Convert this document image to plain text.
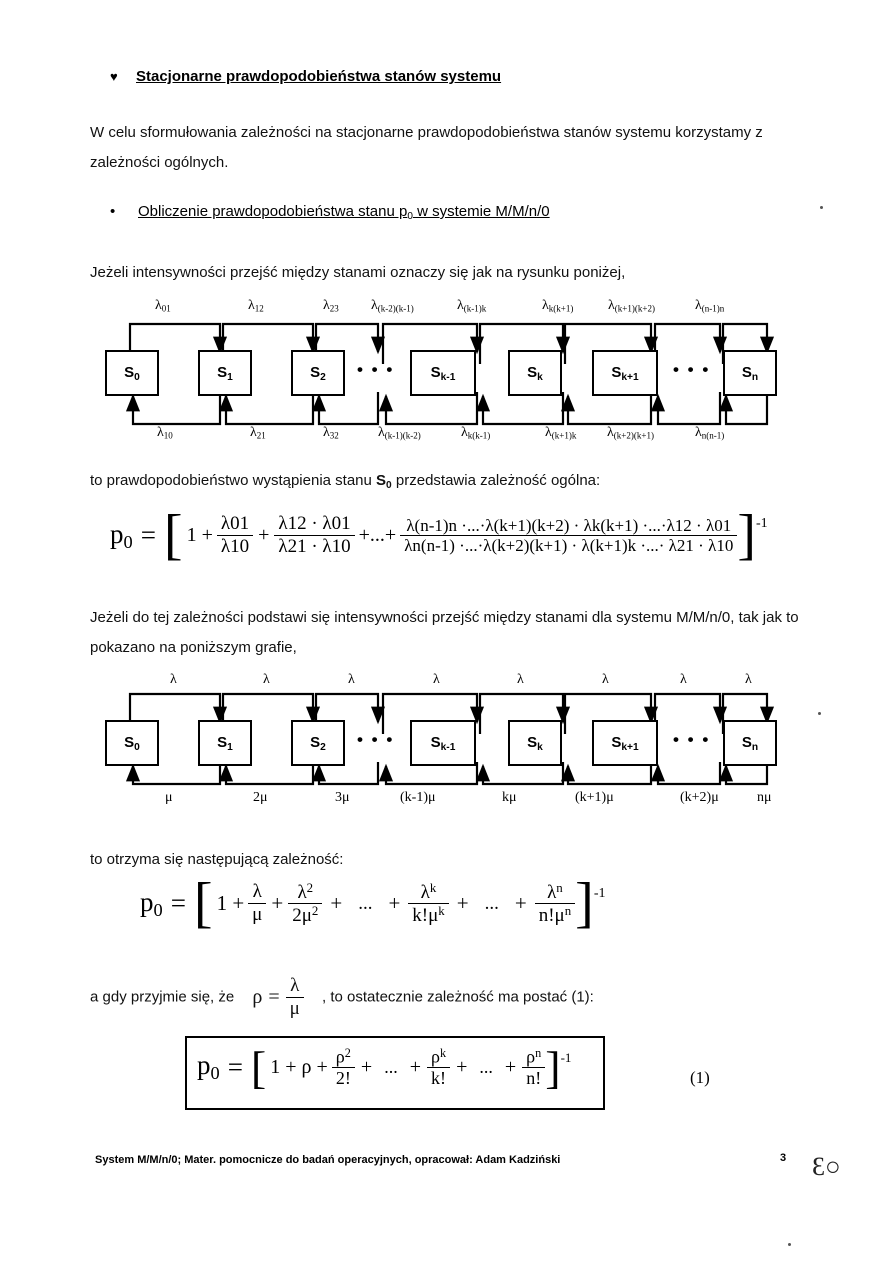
♥ Stacjonarne prawdopodobieństwa stanów systemu
W celu sformułowania zależności na stacjonarne prawdopodobieństwa stanów systemu korzystamy z zależności ogólnych.
• Obliczenie prawdopodobieństwa stanu $p_0$ w systemie M/M/n/0
Jeżeli intensywności przejść między stanami oznaczy się jak na rysunku poniżej,
$S_0$	$S_1$	$S_2$ • • • $S_{k-1}$	$S_k$	$S_{k+1}$ • • • $S_n$
$\lambda_{01}$	$\lambda_{12}$	$\lambda_{23}$ $\lambda_{(k-2)(k-1)}$	$\lambda_{(k-1)k}$	$\lambda_{k(k+1)}$ $\lambda_{(k+1)(k+2)}$	$\lambda_{(n-1)n}$
$\lambda_{10}$	$\lambda_{21}$	$\lambda_{32}$	$\lambda_{(k-1)(k-2)}$	$\lambda_{k(k-1)}$	$\lambda_{(k+1)k}$ $\lambda_{(k+2)(k+1)}$	$\lambda_{n(n-1)}$
to prawdopodobieństwo wystąpienia stanu $S_0$ przedstawia zależność ogólna:
$p_0$ = [ $1 + \frac{\lambda 01}{\lambda 10} + \frac{\lambda 12 \cdot \lambda 01}{\lambda 21 \cdot \lambda 10}$ +...+ $\frac{\lambda(n-1)n \cdot...\cdot\lambda(k+1)(k+2) \cdot \lambda k(k+1) \cdot...\cdot\lambda 12 \cdot \lambda 01}{\lambda n(n-1) \cdot...\cdot\lambda(k+2)(k+1) \cdot \lambda(k+1)k \cdot...\cdot \lambda 21 \cdot \lambda 10}$ ] -1
Jeżeli do tej zależności podstawi się intensywności przejść między stanami dla systemu M/M/n/0, tak jak to pokazano na poniższym grafie,
$S_0$	$S_1$	$S_2$ • • • $S_{k-1}$	$S_k$	$S_{k+1}$ • • • $S_n$
λ	λ	λ	λ	λ	λ	λ	λ
μ	2μ	3μ	(k-1)μ	kμ	(k+1)μ	(k+2)μ	nμ
to otrzyma się następującą zależność:
$p_0$ = [ $1 + \frac{\lambda}{\mu} + \frac{\lambda^2}{2\mu^2}$ + ... + $\frac{\lambda^k}{k!\mu^k}$ + ... + $\frac{\lambda^n}{n!\mu^n}$ ] -1
a gdy przyjmie się, że $\rho = \frac{\lambda}{\mu}$ , to ostatecznie zależność ma postać (1):
$p_0$ = [ $1 + \rho + \frac{\rho^2}{2!}$ + ... + $\frac{\rho^k}{k!}$ + ... + $\frac{\rho^n}{n!}$ ] -1
(1)
System M/M/n/0; Mater. pomocnicze do badań operacyjnych, opracował: Adam Kadziński	3 Ɛ○
